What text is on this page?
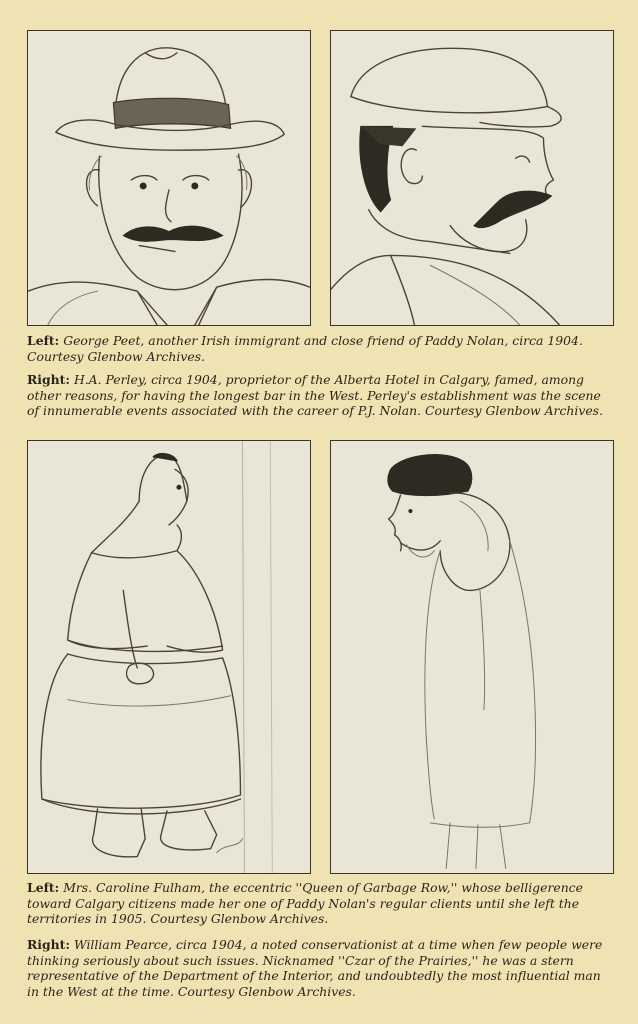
Left: George Peet, another Irish immigrant and close friend of Paddy Nolan, circa 1904. Courtesy Glenbow Archives.

Right: H.A. Perley, circa 1904, proprietor of the Alberta Hotel in Calgary, famed, among other reasons, for having the longest bar in the West. Perley's establishment was the scene of innumerable events associated with the career of P.J. Nolan. Courtesy Glenbow Archives.

Left: Mrs. Caroline Fulham, the eccentric ''Queen of Garbage Row,'' whose belligerence toward Calgary citizens made her one of Paddy Nolan's regular clients until she left the territories in 1905. Courtesy Glenbow Archives.

Right: William Pearce, circa 1904, a noted conservationist at a time when few people were thinking seriously about such issues. Nicknamed ''Czar of the Prairies,'' he was a stern representative of the Department of the Interior, and undoubtedly the most influential man in the West at the time. Courtesy Glenbow Archives.
